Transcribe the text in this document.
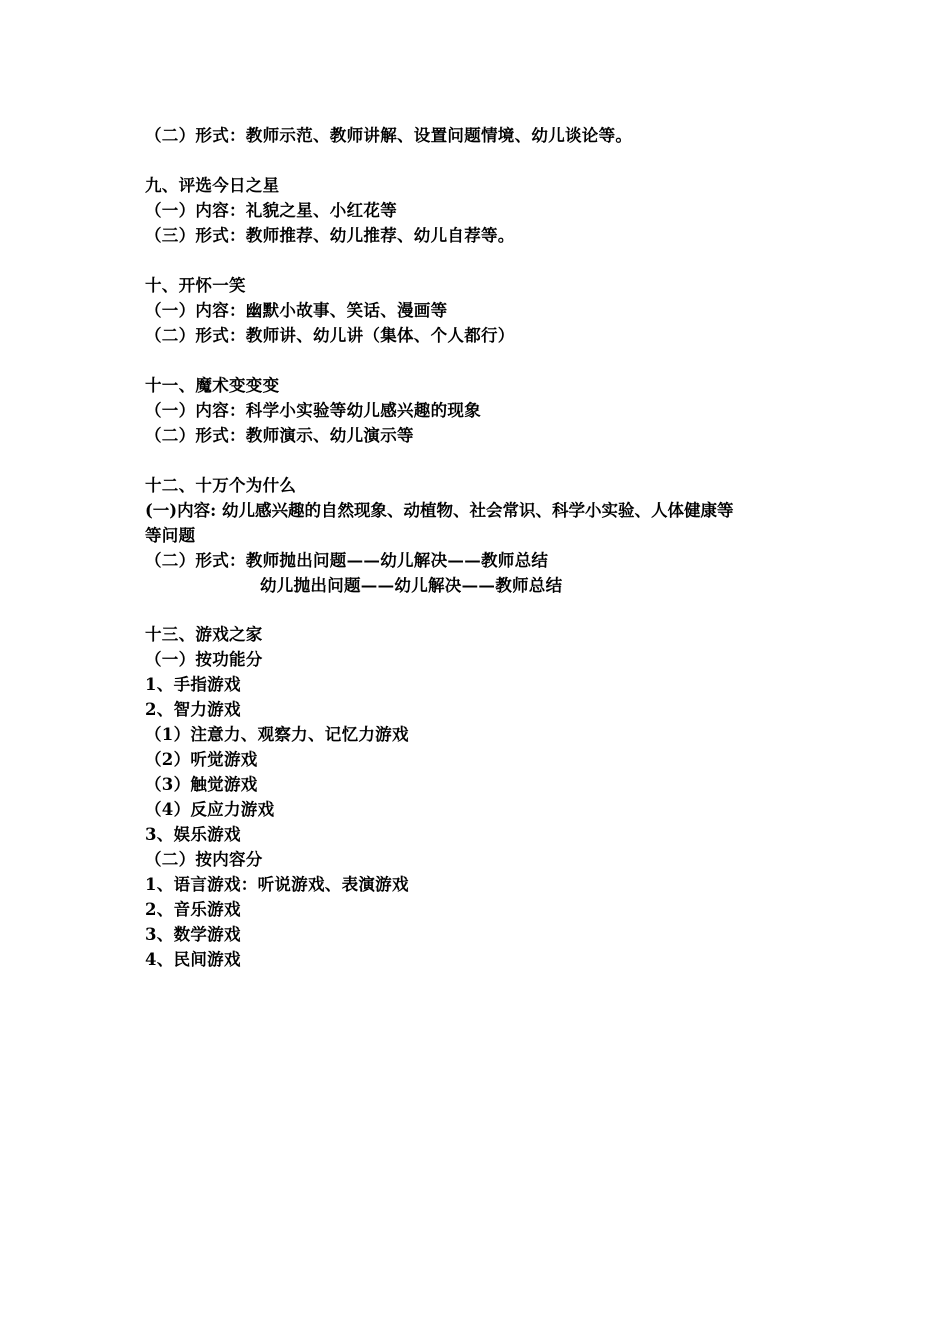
（二）形式：教师示范、教师讲解、设置问题情境、幼儿谈论等。
九、评选今日之星
（一）内容：礼貌之星、小红花等
（三）形式：教师推荐、幼儿推荐、幼儿自荐等。
十、开怀一笑
（一）内容：幽默小故事、笑话、漫画等
（二）形式：教师讲、幼儿讲（集体、个人都行）
十一、魔术变变变
（一）内容：科学小实验等幼儿感兴趣的现象
（二）形式：教师演示、幼儿演示等
十二、十万个为什么
(一)内容: 幼儿感兴趣的自然现象、动植物、社会常识、科学小实验、人体健康等
等问题
（二）形式：教师抛出问题——幼儿解决——教师总结
幼儿抛出问题——幼儿解决——教师总结
十三、游戏之家
（一）按功能分
1、手指游戏
2、智力游戏
（1）注意力、观察力、记忆力游戏
（2）听觉游戏
（3）触觉游戏
（4）反应力游戏
3、娱乐游戏
（二）按内容分
1、语言游戏：听说游戏、表演游戏
2、音乐游戏
3、数学游戏
4、民间游戏
